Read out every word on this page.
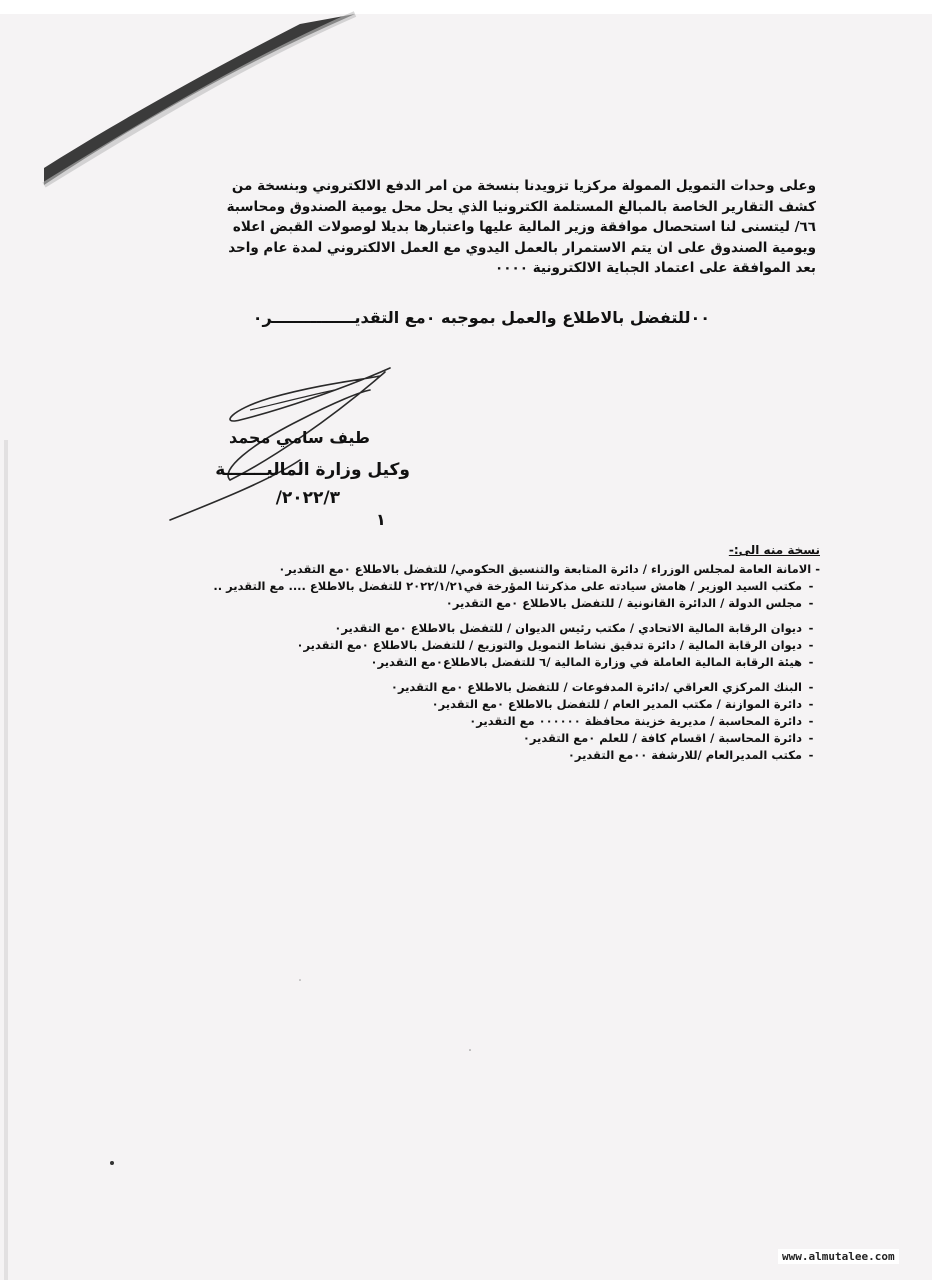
وعلى وحدات التمويل الممولة مركزيا تزويدنا بنسخة من امر الدفع الالكتروني وبنسخة من

كشف التقارير الخاصة بالمبالغ المستلمة الكترونيا الذي يحل محل يومية الصندوق ومحاسبة

٦٦/ ليتسنى لنا استحصال موافقة وزير المالية عليها واعتبارها بديلا لوصولات القبض اعلاه

ويومية الصندوق على ان يتم الاستمرار بالعمل اليدوي مع العمل الالكتروني لمدة عام واحد

بعد الموافقة على اعتماد الجباية الالكترونية ٠٠٠٠

٠٠للتفضل بالاطلاع والعمل بموجبه ٠مع التقديـــــــــــــــر٠
طيف سامي محمد
وكيل وزارة الماليـــــــة
٢٠٢٢/٣/
١
نسخة منه الى:-
- الامانة العامة لمجلس الوزراء / دائرة المتابعة والتنسيق الحكومي/ للتفضل بالاطلاع ٠مع التقدير٠
-مكتب السيد الوزير / هامش سيادته على مذكرتنا المؤرخة في٢٠٢٢/١/٢١ للتفضل بالاطلاع .... مع التقدير ..
-مجلس الدولة / الدائرة القانونية / للتفضل بالاطلاع ٠مع التقدير٠
-ديوان الرقابة المالية الاتحادي / مكتب رئيس الديوان / للتفضل بالاطلاع ٠مع التقدير٠
-ديوان الرقابة المالية / دائرة تدقيق نشاط التمويل والتوزيع / للتفضل بالاطلاع ٠مع التقدير٠
-هيئة الرقابة المالية العاملة في وزارة المالية /٦ للتفضل بالاطلاع٠مع التقدير٠
-البنك المركزي العراقي /دائرة المدفوعات / للتفضل بالاطلاع ٠مع التقدير٠
-دائرة الموازنة / مكتب المدير العام / للتفضل بالاطلاع ٠مع التقدير٠
-دائرة المحاسبة / مديرية خزينة محافظة ٠٠٠٠٠٠ مع التقدير٠
-دائرة المحاسبة / اقسام كافة / للعلم ٠مع التقدير٠
-مكتب المديرالعام /للارشفة ٠٠مع التقدير٠
www.almutalee.com
